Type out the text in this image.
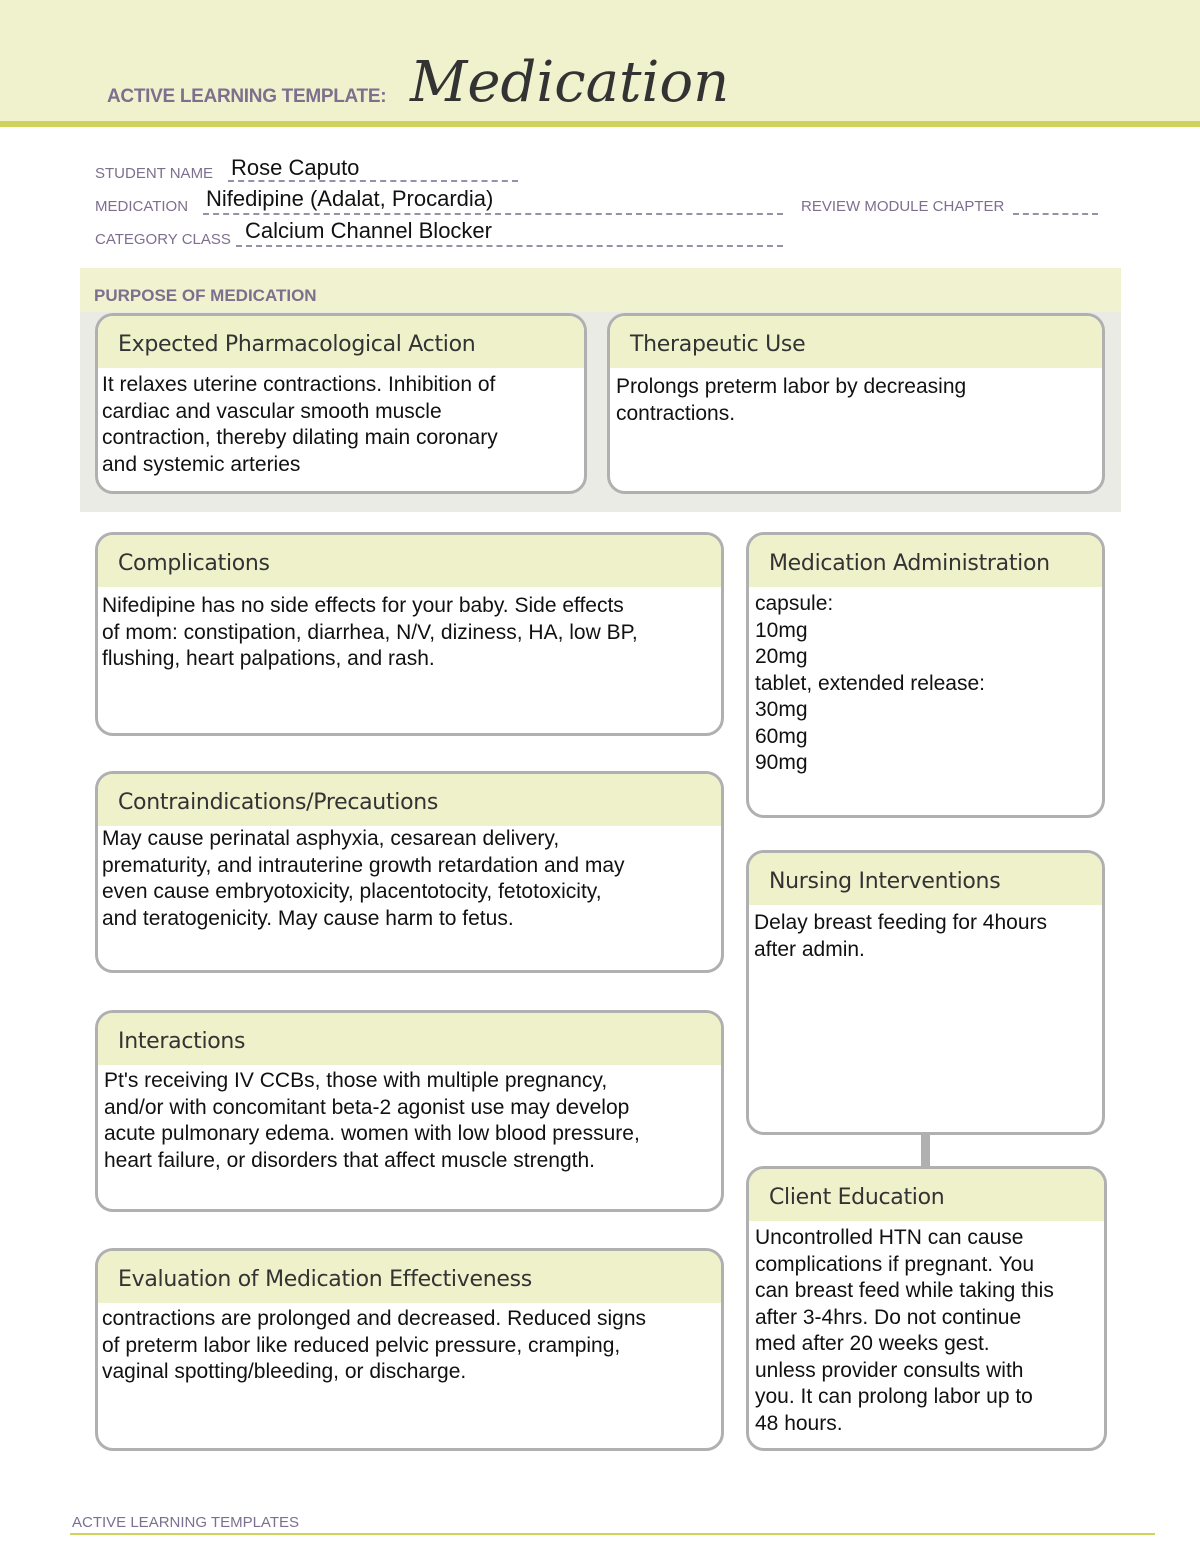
ACTIVE LEARNING TEMPLATE: Medication
STUDENT NAME Rose Caputo
MEDICATION Nifedipine (Adalat, Procardia)	REVIEW MODULE CHAPTER
CATEGORY CLASS Calcium Channel Blocker
PURPOSE OF MEDICATION
Expected Pharmacological Action
It relaxes uterine contractions. Inhibition of
cardiac and vascular smooth muscle
contraction, thereby dilating main coronary
and systemic arteries
Therapeutic Use
Prolongs preterm labor by decreasing
contractions.
Complications
Nifedipine has no side effects for your baby. Side effects
of mom: constipation, diarrhea, N/V, diziness, HA, low BP,
flushing, heart palpations, and rash.
Contraindications/Precautions
May cause perinatal asphyxia, cesarean delivery,
prematurity, and intrauterine growth retardation and may
even cause embryotoxicity, placentotocity, fetotoxicity,
and teratogenicity. May cause harm to fetus.
Interactions
Pt's receiving IV CCBs, those with multiple pregnancy,
and/or with concomitant beta-2 agonist use may develop
acute pulmonary edema. women with low blood pressure,
heart failure, or disorders that affect muscle strength.
Evaluation of Medication Effectiveness
contractions are prolonged and decreased. Reduced signs
of preterm labor like reduced pelvic pressure, cramping,
vaginal spotting/bleeding, or discharge.
Medication Administration
capsule:
10mg
20mg
tablet, extended release:
30mg
60mg
90mg
Nursing Interventions
Delay breast feeding for 4hours
after admin.
Client Education
Uncontrolled HTN can cause
complications if pregnant. You
can breast feed while taking this
after 3-4hrs. Do not continue
med after 20 weeks gest.
unless provider consults with
you. It can prolong labor up to
48 hours.
ACTIVE LEARNING TEMPLATES
